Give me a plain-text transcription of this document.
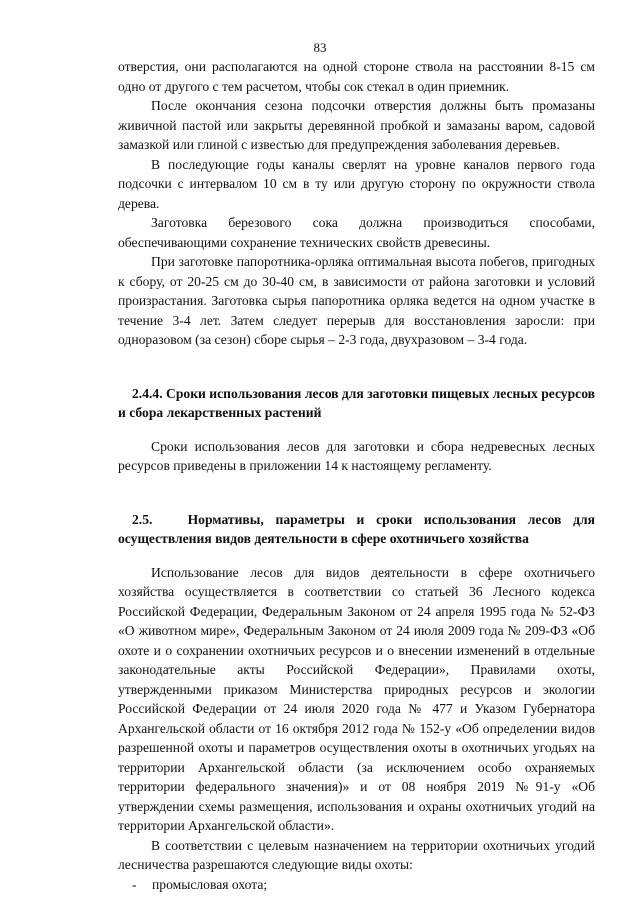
83

отверстия, они располагаются на одной стороне ствола на расстоянии 8-15 см одно от другого с тем расчетом, чтобы сок стекал в один приемник.

После окончания сезона подсочки отверстия должны быть промазаны живичной пастой или закрыты деревянной пробкой и замазаны варом, садовой замазкой или глиной с известью для предупреждения заболевания деревьев.

В последующие годы каналы сверлят на уровне каналов первого года подсочки с интервалом 10 см в ту или другую сторону по окружности ствола дерева.

Заготовка березового сока должна производиться способами, обеспечивающими сохранение технических свойств древесины.

При заготовке папоротника-орляка оптимальная высота побегов, пригодных к сбору, от 20-25 см до 30-40 см, в зависимости от района заготовки и условий произрастания. Заготовка сырья папоротника орляка ведется на одном участке в течение 3-4 лет. Затем следует перерыв для восстановления заросли: при одноразовом (за сезон) сборе сырья – 2-3 года, двухразовом – 3-4 года.

2.4.4. Сроки использования лесов для заготовки пищевых лесных ресурсов и сбора лекарственных растений

Сроки использования лесов для заготовки и сбора недревесных лесных ресурсов приведены в приложении 14 к настоящему регламенту.

2.5.   Нормативы, параметры и сроки использования лесов для осуществления видов деятельности в сфере охотничьего хозяйства

Использование лесов для видов деятельности в сфере охотничьего хозяйства осуществляется в соответствии со статьей 36 Лесного кодекса Российской Федерации, Федеральным Законом от 24 апреля 1995 года № 52-ФЗ «О животном мире», Федеральным Законом от 24 июля 2009 года № 209-ФЗ «Об охоте и о сохранении охотничьих ресурсов и о внесении изменений в отдельные законодательные акты Российской Федерации», Правилами охоты, утвержденными приказом Министерства природных ресурсов и экологии Российской Федерации от 24 июля 2020 года № 477 и Указом Губернатора Архангельской области от 16 октября 2012 года № 152-у «Об определении видов разрешенной охоты и параметров осуществления охоты в охотничьих угодьях на территории Архангельской области (за исключением особо охраняемых территории федерального значения)» и от 08 ноября 2019 №91-у «Об утверждении схемы размещения, использования и охраны охотничьих угодий на территории Архангельской области».

В соответствии с целевым назначением на территории охотничьих угодий лесничества разрешаются следующие виды охоты:

- промысловая охота;
